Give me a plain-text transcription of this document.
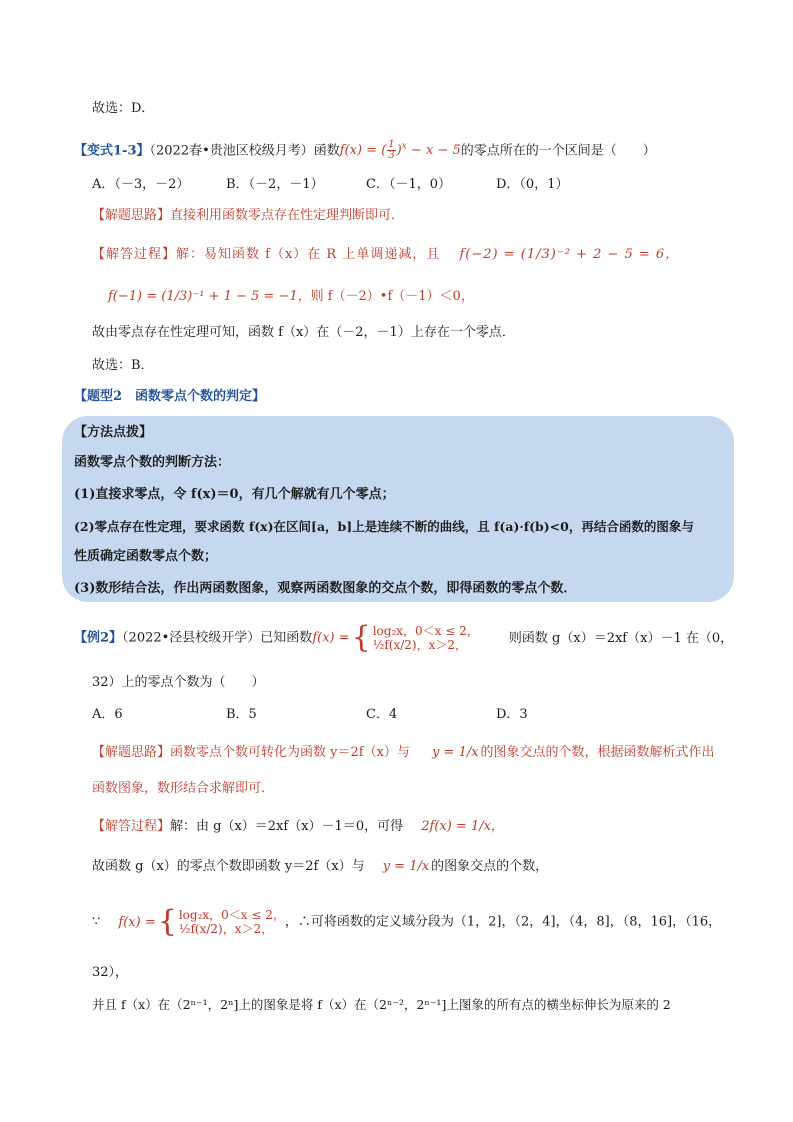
故选：D．
【变式1-3】（2022春•贵池区校级月考）函数f(x) = ( $\frac{1}{3} )^x - x - 5$的零点所在的一个区间是（　　）
A．（－3，－2）	B．（－2，－1）	C．（－1，0）	D．（0，1）
【解题思路】直接利用函数零点存在性定理判断即可．
【解答过程】解：易知函数 f（x）在 R 上单调递减，且 f(−2) = (1/3)⁻² + 2 − 5 = 6，
f(−1) = (1/3)⁻¹ + 1 − 5 = −1，则 f（－2）•f（－1）＜0，
故由零点存在性定理可知，函数 f（x）在（－2，－1）上存在一个零点．
故选：B．
【题型2　函数零点个数的判定】
【方法点拨】
函数零点个数的判断方法：
(1)直接求零点，令 f(x)＝0，有几个解就有几个零点；
(2)零点存在性定理，要求函数 f(x)在区间[a，b]上是连续不断的曲线，且 f(a)·f(b)<0，再结合函数的图象与
性质确定函数零点个数；
(3)数形结合法，作出两函数图象，观察两函数图象的交点个数，即得函数的零点个数．
【例2】（2022•泾县校级开学）已知函数f(x) ={ log₂x，0＜x ≤ 2，
½f(x/2)，x＞2，	则函数 g（x）＝2xf（x）－1 在（0，
32）上的零点个数为（　　）
A．6	B．5	C．4	D．3
【解题思路】函数零点个数可转化为函数 y＝2f（x）与 y = 1/x 的图象交点的个数，根据函数解析式作出
函数图象，数形结合求解即可．
【解答过程】解：由 g（x）＝2xf（x）－1＝0，可得 2f(x) = 1/x，
故函数 g（x）的零点个数即函数 y＝2f（x）与 y = 1/x 的图象交点的个数，
∵ f(x) ={ log₂x，0＜x ≤ 2，
½f(x/2)，x＞2， ，∴可将函数的定义域分段为（1，2]，（2，4]，（4，8]，（8，16]，（16，
32），
并且 f（x）在（2ⁿ⁻¹，2ⁿ]上的图象是将 f（x）在（2ⁿ⁻²，2ⁿ⁻¹]上图象的所有点的横坐标伸长为原来的 2
